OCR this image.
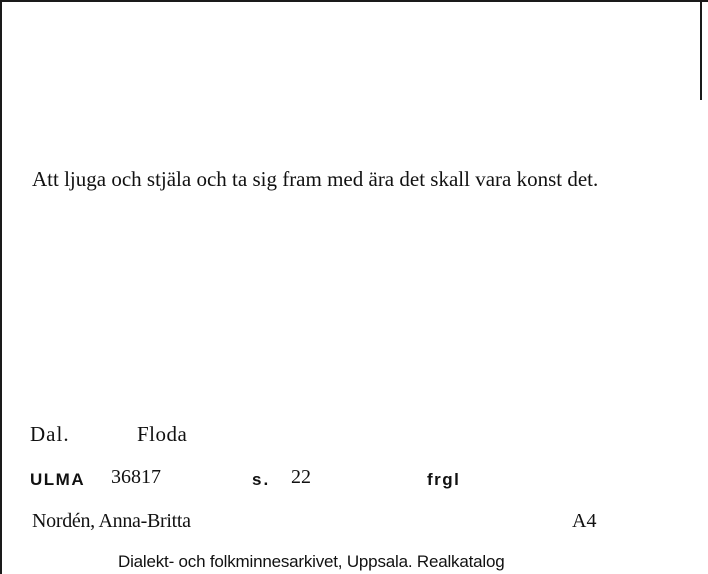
Att ljuga och stjäla och ta sig fram med ära det skall vara konst det.
Dal.	Floda
ULMA 36817	s. 22	frgl
Nordén, Anna-Britta	A4
Dialekt- och folkminnesarkivet, Uppsala. Realkatalog
